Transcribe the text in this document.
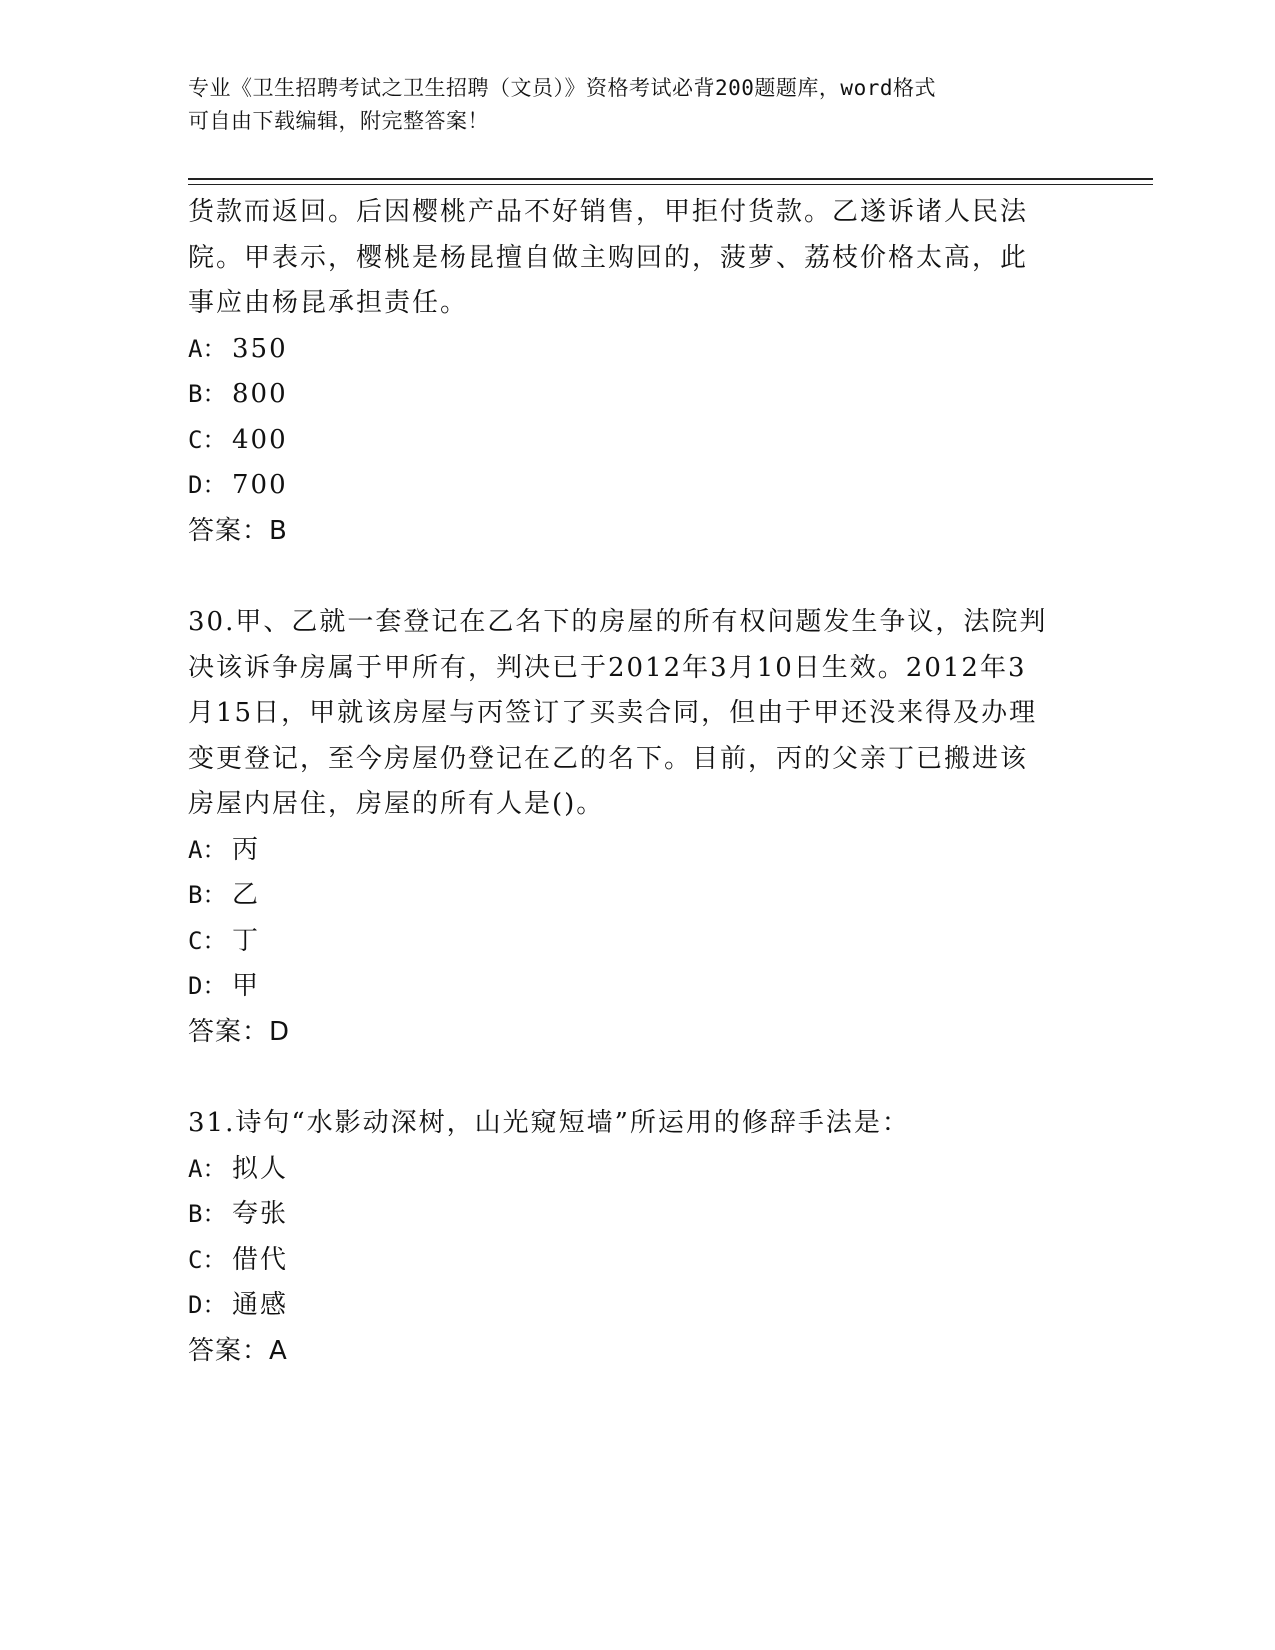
专业《卫生招聘考试之卫生招聘（文员）》资格考试必背200题题库，word格式
可自由下载编辑，附完整答案！

货款而返回。后因樱桃产品不好销售，甲拒付货款。乙遂诉诸人民法

院。甲表示，樱桃是杨昆擅自做主购回的，菠萝、荔枝价格太高，此

事应由杨昆承担责任。

A： 350

B： 800

C： 400

D： 700

答案：B

30.甲、乙就一套登记在乙名下的房屋的所有权问题发生争议，法院判

决该诉争房属于甲所有，判决已于2012年3月10日生效。2012年3

月15日，甲就该房屋与丙签订了买卖合同，但由于甲还没来得及办理

变更登记，至今房屋仍登记在乙的名下。目前，丙的父亲丁已搬进该

房屋内居住，房屋的所有人是()。

A： 丙

B： 乙

C： 丁

D： 甲

答案：D

31.诗句“水影动深树，山光窥短墙”所运用的修辞手法是：

A： 拟人

B： 夸张

C： 借代

D： 通感

答案：A
